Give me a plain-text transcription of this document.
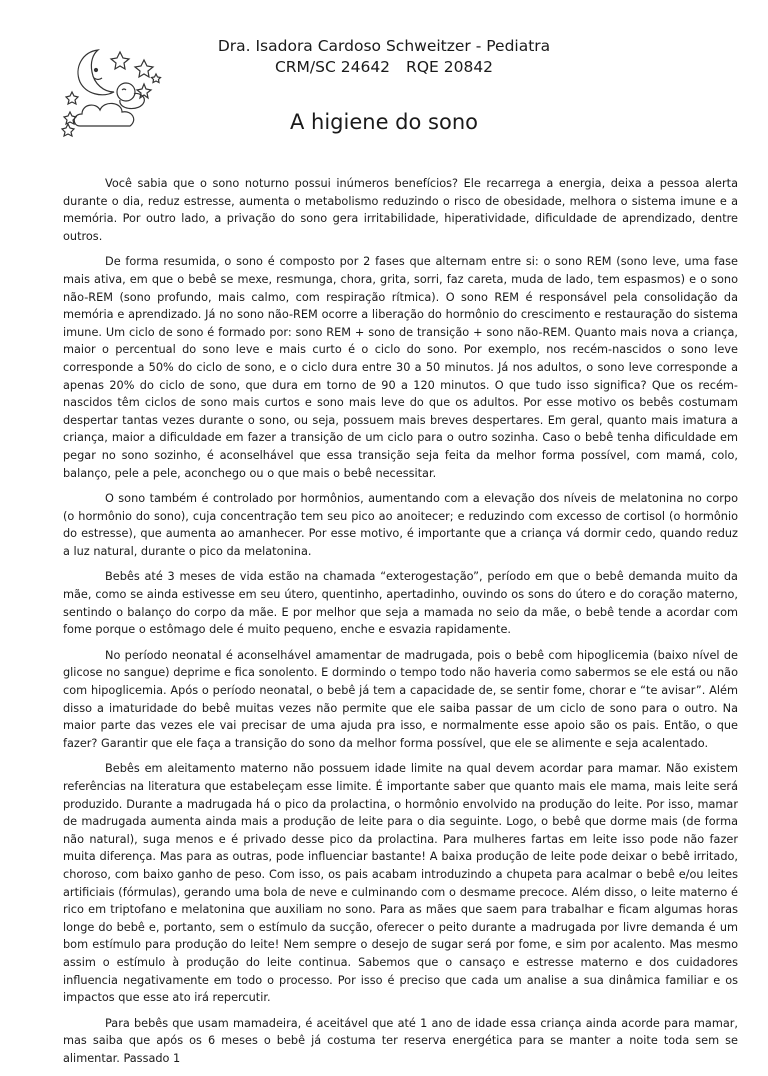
Dra. Isadora Cardoso Schweitzer - Pediatra
CRM/SC 24642 RQE 20842
A higiene do sono

Você sabia que o sono noturno possui inúmeros benefícios? Ele recarrega a energia, deixa a pessoa alerta durante o dia, reduz estresse, aumenta o metabolismo reduzindo o risco de obesidade, melhora o sistema imune e a memória. Por outro lado, a privação do sono gera irritabilidade, hiperatividade, dificuldade de aprendizado, dentre outros.

De forma resumida, o sono é composto por 2 fases que alternam entre si: o sono REM (sono leve, uma fase mais ativa, em que o bebê se mexe, resmunga, chora, grita, sorri, faz careta, muda de lado, tem espasmos) e o sono não-REM (sono profundo, mais calmo, com respiração rítmica). O sono REM é responsável pela consolidação da memória e aprendizado. Já no sono não-REM ocorre a liberação do hormônio do crescimento e restauração do sistema imune. Um ciclo de sono é formado por: sono REM + sono de transição + sono não-REM. Quanto mais nova a criança, maior o percentual do sono leve e mais curto é o ciclo do sono. Por exemplo, nos recém-nascidos o sono leve corresponde a 50% do ciclo de sono, e o ciclo dura entre 30 a 50 minutos. Já nos adultos, o sono leve corresponde a apenas 20% do ciclo de sono, que dura em torno de 90 a 120 minutos. O que tudo isso significa? Que os recém-nascidos têm ciclos de sono mais curtos e sono mais leve do que os adultos. Por esse motivo os bebês costumam despertar tantas vezes durante o sono, ou seja, possuem mais breves despertares. Em geral, quanto mais imatura a criança, maior a dificuldade em fazer a transição de um ciclo para o outro sozinha. Caso o bebê tenha dificuldade em pegar no sono sozinho, é aconselhável que essa transição seja feita da melhor forma possível, com mamá, colo, balanço, pele a pele, aconchego ou o que mais o bebê necessitar.

O sono também é controlado por hormônios, aumentando com a elevação dos níveis de melatonina no corpo (o hormônio do sono), cuja concentração tem seu pico ao anoitecer; e reduzindo com excesso de cortisol (o hormônio do estresse), que aumenta ao amanhecer. Por esse motivo, é importante que a criança vá dormir cedo, quando reduz a luz natural, durante o pico da melatonina.

Bebês até 3 meses de vida estão na chamada “exterogestação”, período em que o bebê demanda muito da mãe, como se ainda estivesse em seu útero, quentinho, apertadinho, ouvindo os sons do útero e do coração materno, sentindo o balanço do corpo da mãe. E por melhor que seja a mamada no seio da mãe, o bebê tende a acordar com fome porque o estômago dele é muito pequeno, enche e esvazia rapidamente.

No período neonatal é aconselhável amamentar de madrugada, pois o bebê com hipoglicemia (baixo nível de glicose no sangue) deprime e fica sonolento. E dormindo o tempo todo não haveria como sabermos se ele está ou não com hipoglicemia. Após o período neonatal, o bebê já tem a capacidade de, se sentir fome, chorar e “te avisar”. Além disso a imaturidade do bebê muitas vezes não permite que ele saiba passar de um ciclo de sono para o outro. Na maior parte das vezes ele vai precisar de uma ajuda pra isso, e normalmente esse apoio são os pais. Então, o que fazer? Garantir que ele faça a transição do sono da melhor forma possível, que ele se alimente e seja acalentado.

Bebês em aleitamento materno não possuem idade limite na qual devem acordar para mamar. Não existem referências na literatura que estabeleçam esse limite. É importante saber que quanto mais ele mama, mais leite será produzido. Durante a madrugada há o pico da prolactina, o hormônio envolvido na produção do leite. Por isso, mamar de madrugada aumenta ainda mais a produção de leite para o dia seguinte. Logo, o bebê que dorme mais (de forma não natural), suga menos e é privado desse pico da prolactina. Para mulheres fartas em leite isso pode não fazer muita diferença. Mas para as outras, pode influenciar bastante! A baixa produção de leite pode deixar o bebê irritado, choroso, com baixo ganho de peso. Com isso, os pais acabam introduzindo a chupeta para acalmar o bebê e/ou leites artificiais (fórmulas), gerando uma bola de neve e culminando com o desmame precoce. Além disso, o leite materno é rico em triptofano e melatonina que auxiliam no sono. Para as mães que saem para trabalhar e ficam algumas horas longe do bebê e, portanto, sem o estímulo da sucção, oferecer o peito durante a madrugada por livre demanda é um bom estímulo para produção do leite! Nem sempre o desejo de sugar será por fome, e sim por acalento. Mas mesmo assim o estímulo à produção do leite continua. Sabemos que o cansaço e estresse materno e dos cuidadores influencia negativamente em todo o processo. Por isso é preciso que cada um analise a sua dinâmica familiar e os impactos que esse ato irá repercutir.

Para bebês que usam mamadeira, é aceitável que até 1 ano de idade essa criança ainda acorde para mamar, mas saiba que após os 6 meses o bebê já costuma ter reserva energética para se manter a noite toda sem se alimentar. Passado 1
